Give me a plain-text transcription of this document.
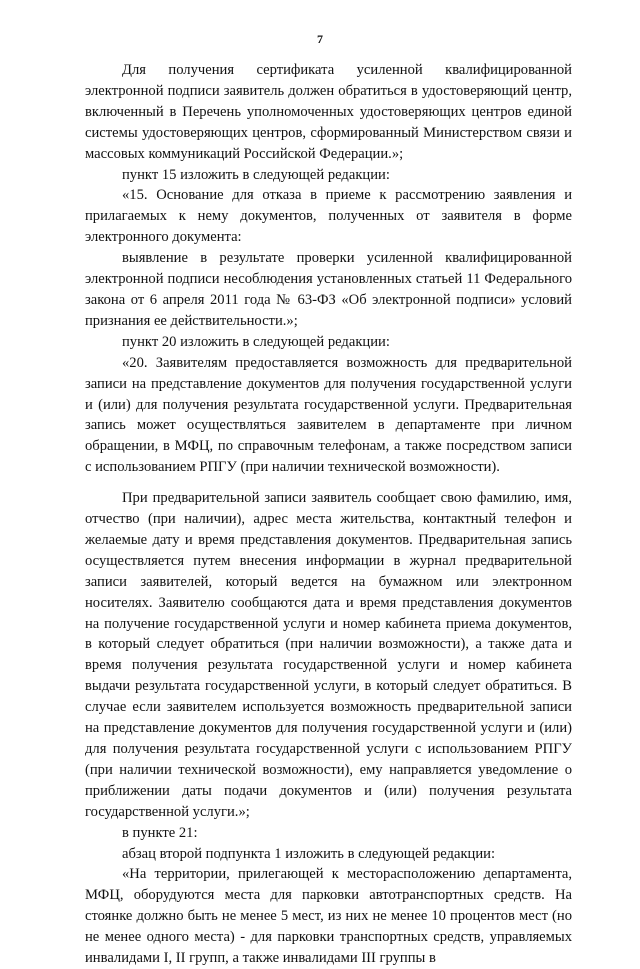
7

Для получения сертификата усиленной квалифицированной электронной подписи заявитель должен обратиться в удостоверяющий центр, включенный в Перечень уполномоченных удостоверяющих центров единой системы удостоверяющих центров, сформированный Министерством связи и массовых коммуникаций Российской Федерации.»;

пункт 15 изложить в следующей редакции:

«15. Основание для отказа в приеме к рассмотрению заявления и прилагаемых к нему документов, полученных от заявителя в форме электронного документа:

выявление в результате проверки усиленной квалифицированной электронной подписи несоблюдения установленных статьей 11 Федерального закона от 6 апреля 2011 года № 63-ФЗ «Об электронной подписи» условий признания ее действительности.»;

пункт 20 изложить в следующей редакции:

«20. Заявителям предоставляется возможность для предварительной записи на представление документов для получения государственной услуги и (или) для получения результата государственной услуги. Предварительная запись может осуществляться заявителем в департаменте при личном обращении, в МФЦ, по справочным телефонам, а также посредством записи с использованием РПГУ (при наличии технической возможности).

При предварительной записи заявитель сообщает свою фамилию, имя, отчество (при наличии), адрес места жительства, контактный телефон и желаемые дату и время представления документов. Предварительная запись осуществляется путем внесения информации в журнал предварительной записи заявителей, который ведется на бумажном или электронном носителях. Заявителю сообщаются дата и время представления документов на получение государственной услуги и номер кабинета приема документов, в который следует обратиться (при наличии возможности), а также дата и время получения результата государственной услуги и номер кабинета выдачи результата государственной услуги, в который следует обратиться. В случае если заявителем используется возможность предварительной записи на представление документов для получения государственной услуги и (или) для получения результата государственной услуги с использованием РПГУ (при наличии технической возможности), ему направляется уведомление о приближении даты подачи документов и (или) получения результата государственной услуги.»;

в пункте 21:

абзац второй подпункта 1 изложить в следующей редакции:

«На территории, прилегающей к месторасположению департамента, МФЦ, оборудуются места для парковки автотранспортных средств. На стоянке должно быть не менее 5 мест, из них не менее 10 процентов мест (но не менее одного места) - для парковки транспортных средств, управляемых инвалидами I, II групп, а также инвалидами III группы в
